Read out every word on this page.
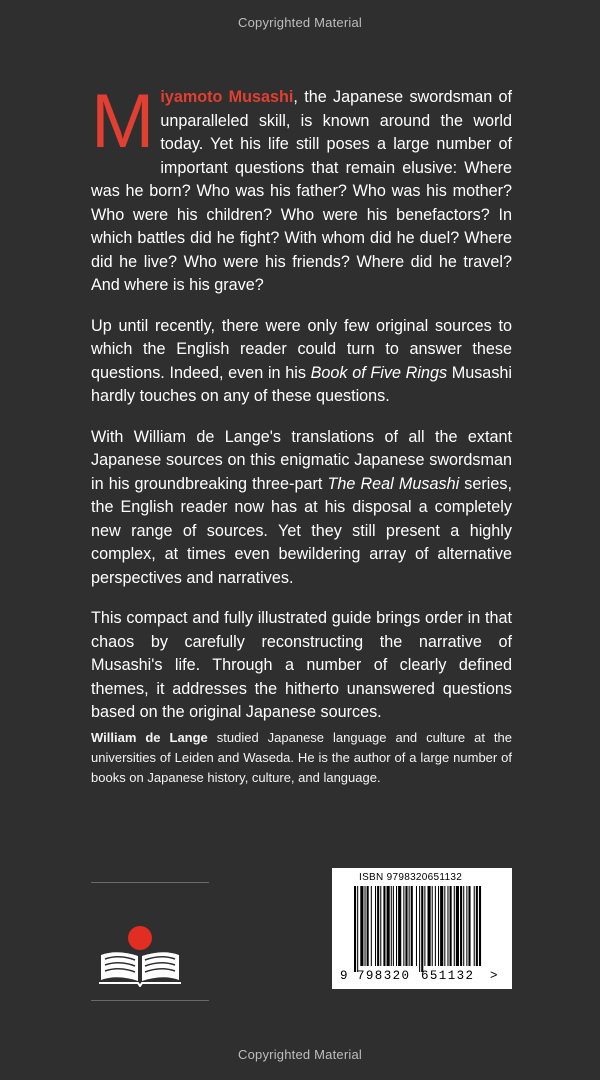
Copyrighted Material

Miyamoto Musashi, the Japanese swordsman of unparalleled skill, is known around the world today. Yet his life still poses a large number of important questions that remain elusive: Where was he born? Who was his father? Who was his mother? Who were his children? Who were his benefactors? In which battles did he fight? With whom did he duel? Where did he live? Who were his friends? Where did he travel? And where is his grave?

Up until recently, there were only few original sources to which the English reader could turn to answer these questions. Indeed, even in his Book of Five Rings Musashi hardly touches on any of these questions.

With William de Lange's translations of all the extant Japanese sources on this enigmatic Japanese swordsman in his groundbreaking three-part The Real Musashi series, the English reader now has at his disposal a completely new range of sources. Yet they still present a highly complex, at times even bewildering array of alternative perspectives and narratives.

This compact and fully illustrated guide brings order in that chaos by carefully reconstructing the narrative of Musashi's life. Through a number of clearly defined themes, it addresses the hitherto unanswered questions based on the original Japanese sources.

William de Lange studied Japanese language and culture at the universities of Leiden and Waseda. He is the author of a large number of books on Japanese history, culture, and language.
ISBN 9798320651132
9 798320 651132 >
Copyrighted Material
